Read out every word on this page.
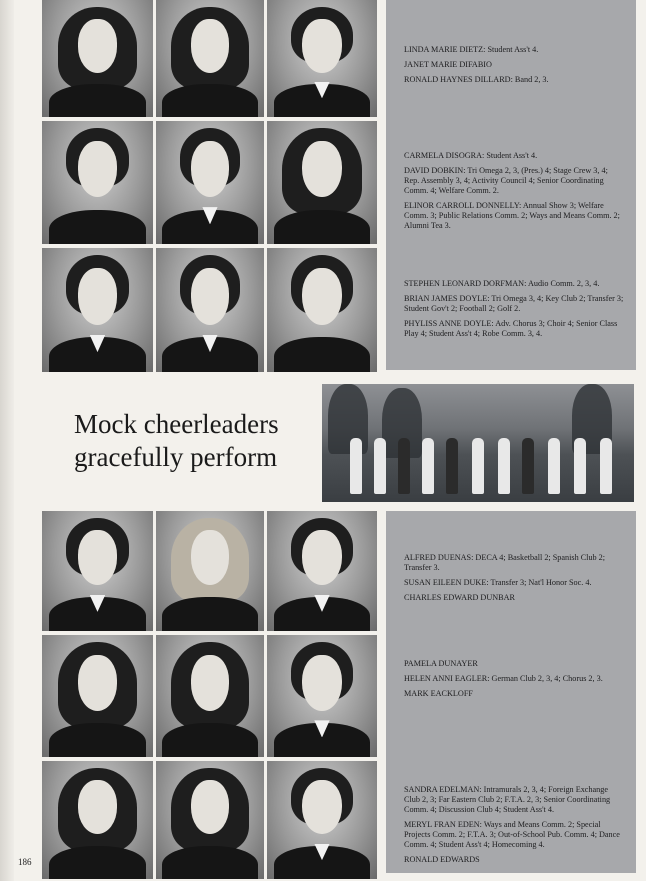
LINDA MARIE DIETZ: Student Ass't 4.
JANET MARIE DIFABIO
RONALD HAYNES DILLARD: Band 2, 3.
CARMELA DISOGRA: Student Ass't 4.
DAVID DOBKIN: Tri Omega 2, 3, (Pres.) 4; Stage Crew 3, 4; Rep. Assembly 3, 4; Activity Council 4; Senior Coordinating Comm. 4; Welfare Comm. 2.
ELINOR CARROLL DONNELLY: Annual Show 3; Welfare Comm. 3; Public Relations Comm. 2; Ways and Means Comm. 2; Alumni Tea 3.
STEPHEN LEONARD DORFMAN: Audio Comm. 2, 3, 4.
BRIAN JAMES DOYLE: Tri Omega 3, 4; Key Club 2; Transfer 3; Student Gov't 2; Football 2; Golf 2.
PHYLISS ANNE DOYLE: Adv. Chorus 3; Choir 4; Senior Class Play 4; Student Ass't 4; Robe Comm. 3, 4.
Mock cheerleaders
gracefully perform
ALFRED DUENAS: DECA 4; Basketball 2; Spanish Club 2; Transfer 3.
SUSAN EILEEN DUKE: Transfer 3; Nat'l Honor Soc. 4.
CHARLES EDWARD DUNBAR
PAMELA DUNAYER
HELEN ANNI EAGLER: German Club 2, 3, 4; Chorus 2, 3.
MARK EACKLOFF
SANDRA EDELMAN: Intramurals 2, 3, 4; Foreign Exchange Club 2, 3; Far Eastern Club 2; F.T.A. 2, 3; Senior Coordinating Comm. 4; Discussion Club 4; Student Ass't 4.
MERYL FRAN EDEN: Ways and Means Comm. 2; Special Projects Comm. 2; F.T.A. 3; Out-of-School Pub. Comm. 4; Dance Comm. 4; Student Ass't 4; Homecoming 4.
RONALD EDWARDS
186
